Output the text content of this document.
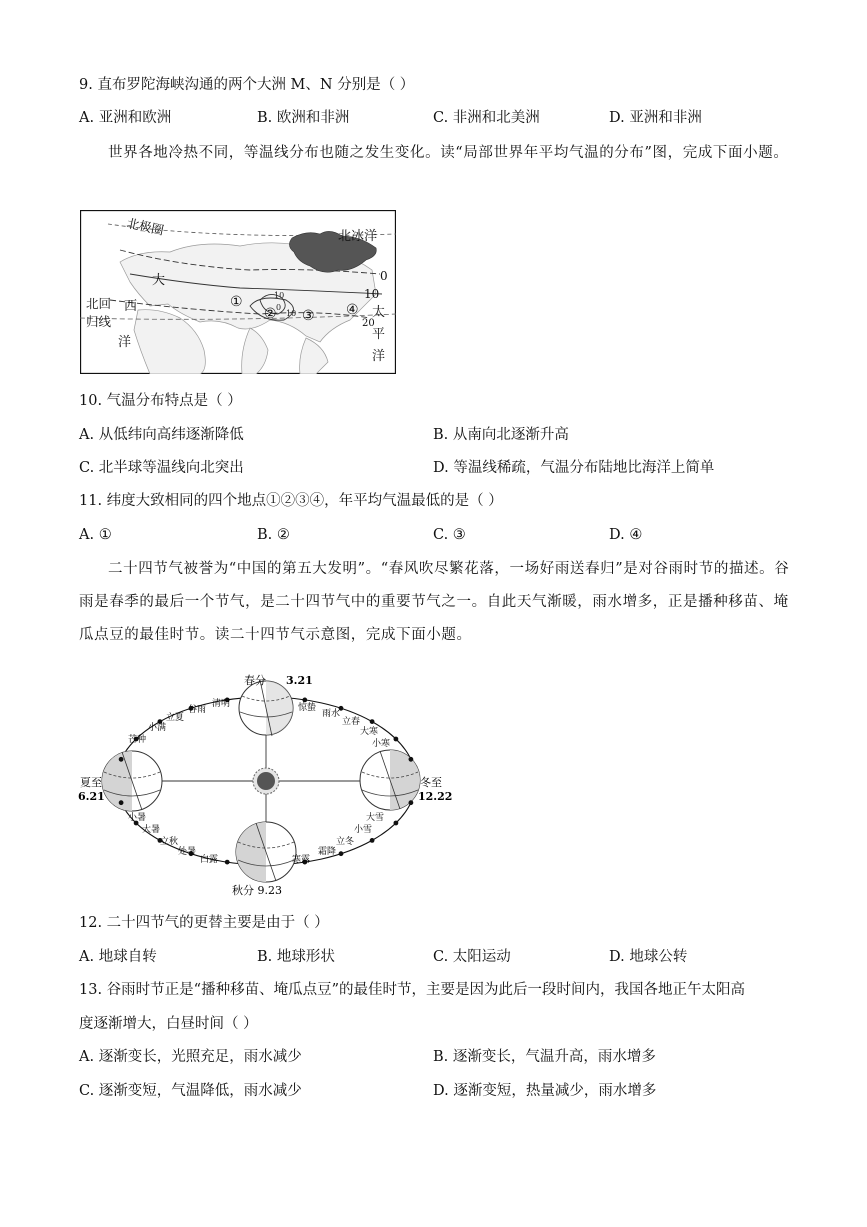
9. 直布罗陀海峡沟通的两个大洲 M、N 分别是（ ）
A. 亚洲和欧洲	B. 欧洲和非洲	C. 非洲和北美洲	D. 亚洲和非洲
世界各地冷热不同，等温线分布也随之发生变化。读“局部世界年平均气温的分布”图，完成下面小题。
北极圈	北冰洋
大
西
洋
北回
归线
太
平
洋
①
② ③ ④
0
10
20
10
0
10
10. 气温分布特点是（ ）
A. 从低纬向高纬逐渐降低	B. 从南向北逐渐升高
C. 北半球等温线向北突出	D. 等温线稀疏，气温分布陆地比海洋上简单
11. 纬度大致相同的四个地点①②③④，年平均气温最低的是（ ）
A. ①	B. ②	C. ③	D. ④
二十四节气被誉为“中国的第五大发明”。“春风吹尽繁花落，一场好雨送春归”是对谷雨时节的描述。谷雨是春季的最后一个节气，是二十四节气中的重要节气之一。自此天气渐暖，雨水增多，正是播种移苗、埯瓜点豆的最佳时节。读二十四节气示意图，完成下面小题。
春分 3.21
夏至
6.21
冬至
12.22
秋分 9.23
清明
谷雨
立夏
小满
芒种
惊蛰
雨水
立春
大寒
小寒
小暑
大暑
立秋
处暑
白露	寒露
霜降
立冬
小雪
大雪
12. 二十四节气的更替主要是由于（ ）
A. 地球自转	B. 地球形状	C. 太阳运动	D. 地球公转
13. 谷雨时节正是“播种移苗、埯瓜点豆”的最佳时节，主要是因为此后一段时间内，我国各地正午太阳高
度逐渐增大，白昼时间（ ）
A. 逐渐变长，光照充足，雨水减少	B. 逐渐变长，气温升高，雨水增多
C. 逐渐变短，气温降低，雨水减少	D. 逐渐变短，热量减少，雨水增多
